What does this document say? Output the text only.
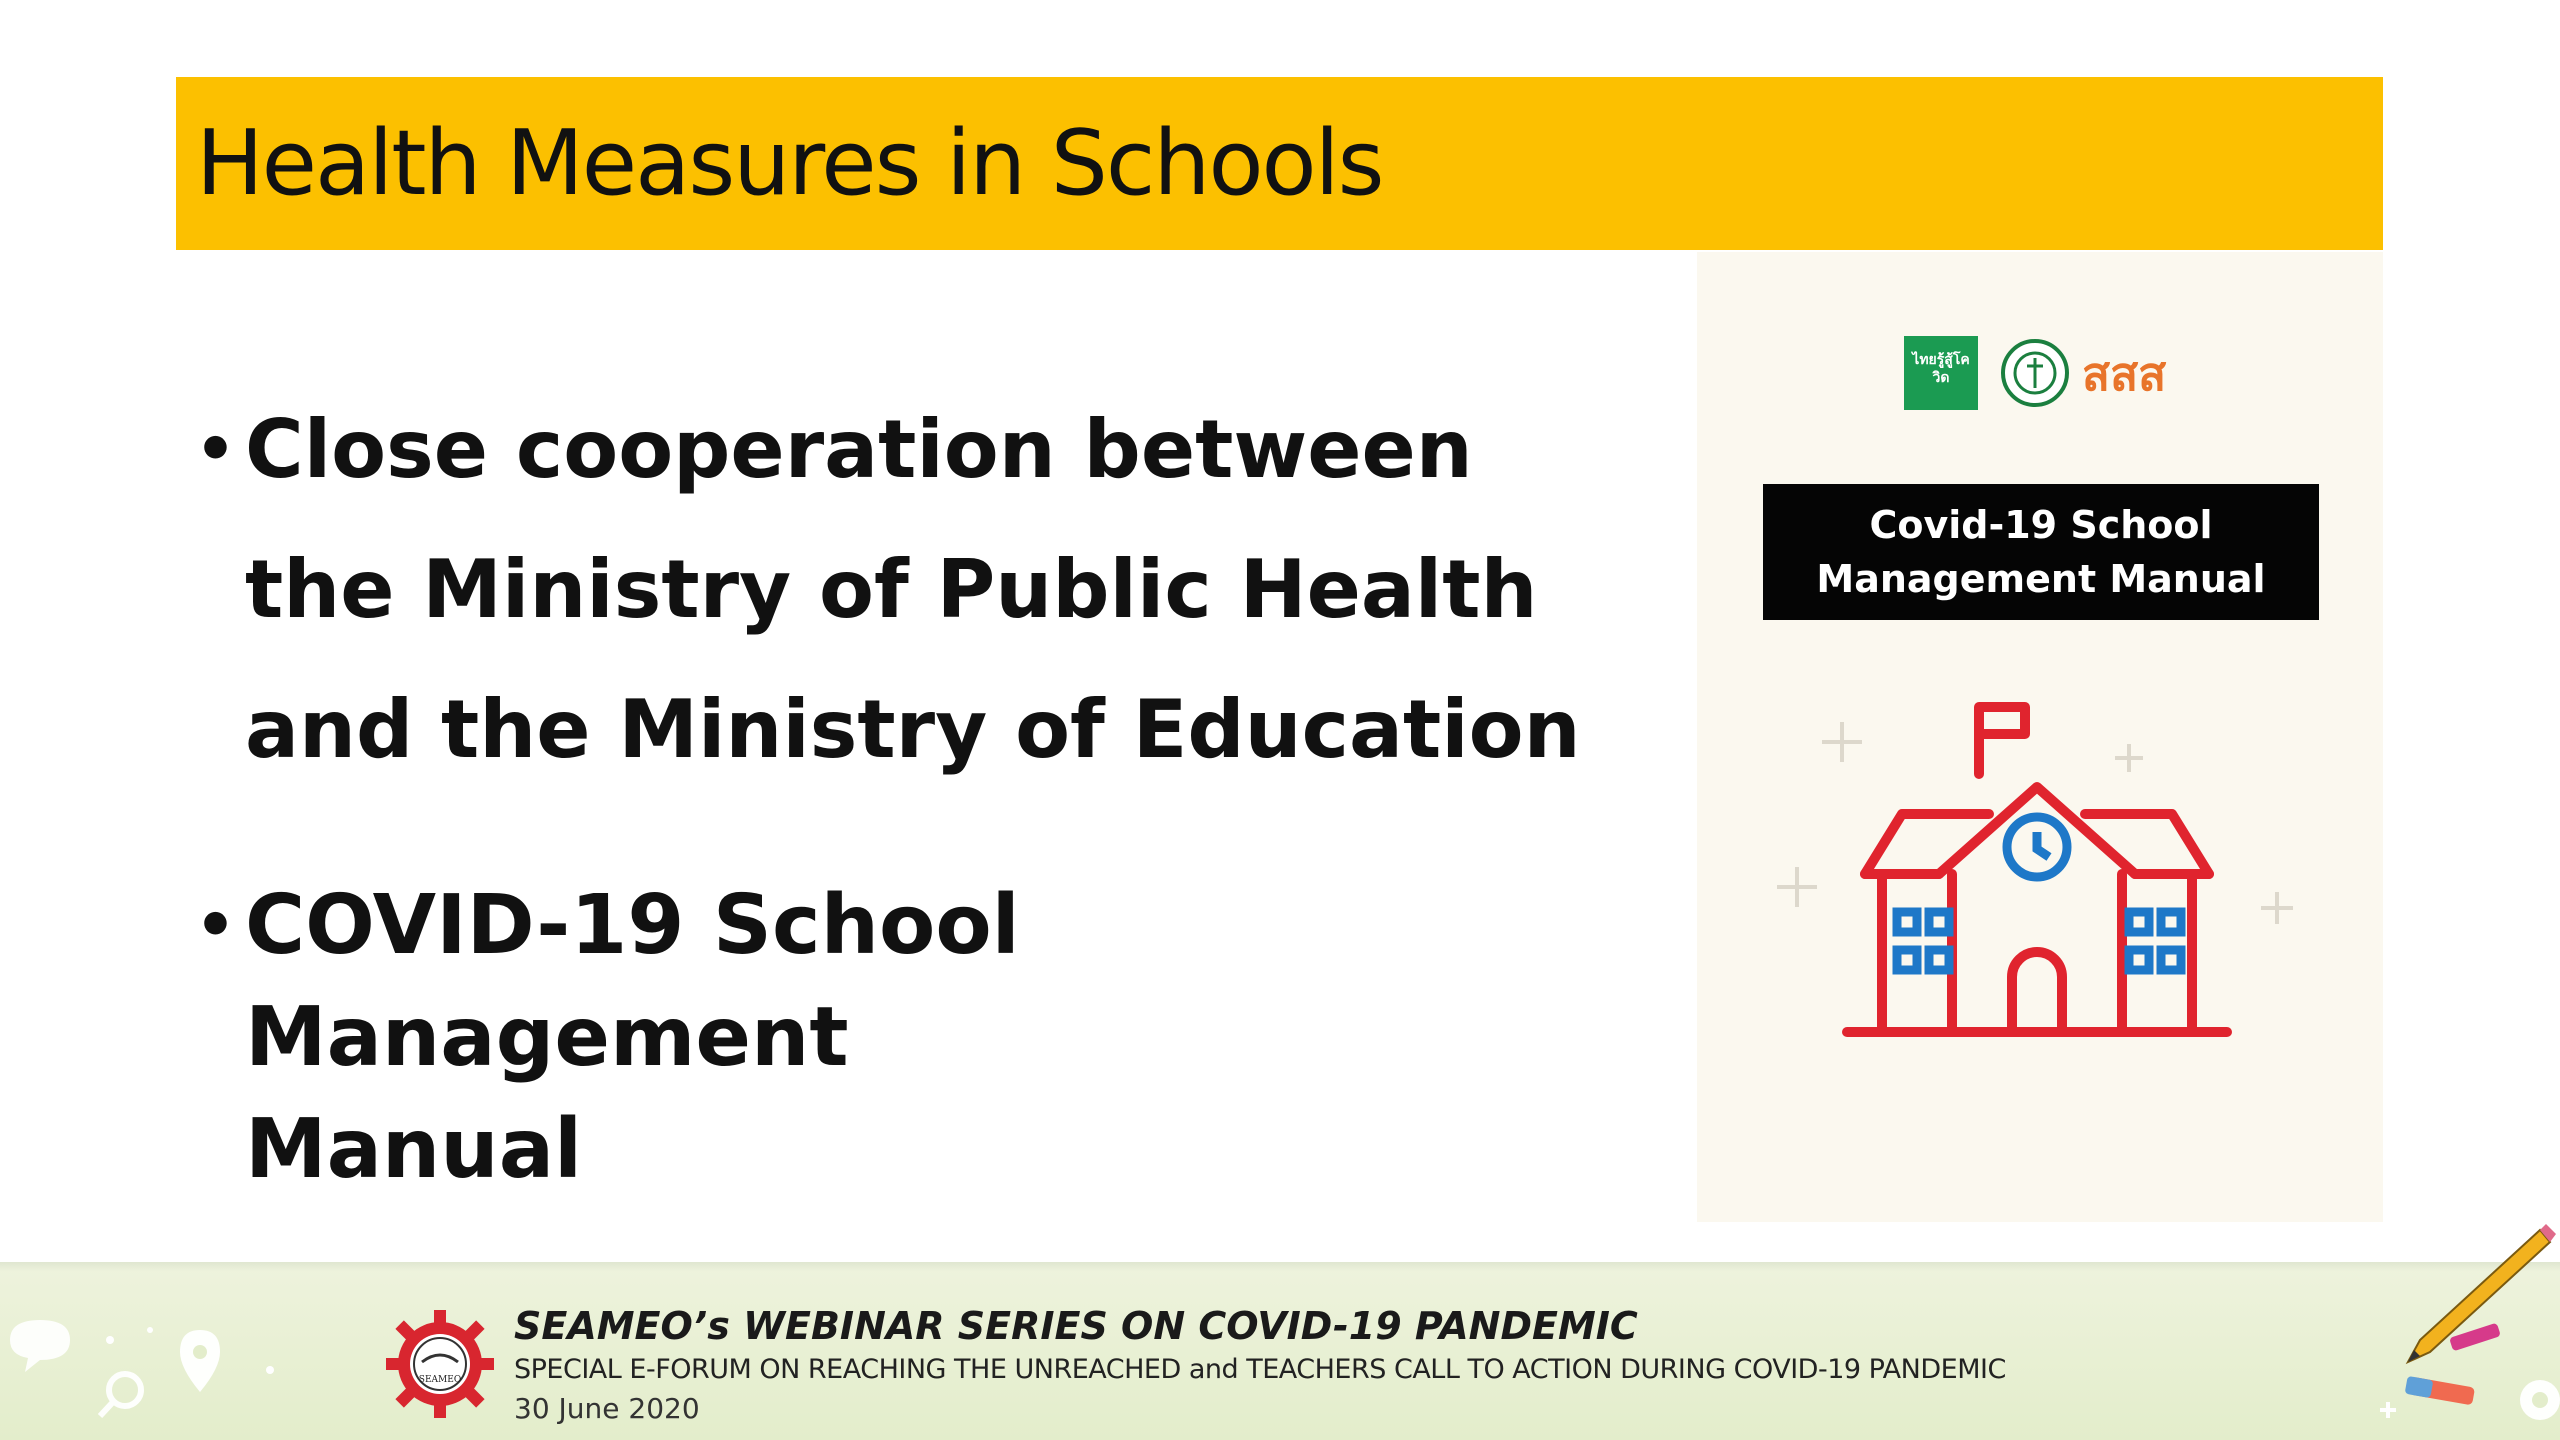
Health Measures in Schools
• Close cooperation between
the Ministry of Public Health
and the Ministry of Education
• COVID-19 School Management
Manual
ไทยรู้สู้โควิด	สสส
Covid-19 School
Management Manual
SEAMEO
SEAMEO’s WEBINAR SERIES ON COVID-19 PANDEMIC
SPECIAL E-FORUM ON REACHING THE UNREACHED and TEACHERS CALL TO ACTION DURING COVID-19 PANDEMIC
30 June 2020
